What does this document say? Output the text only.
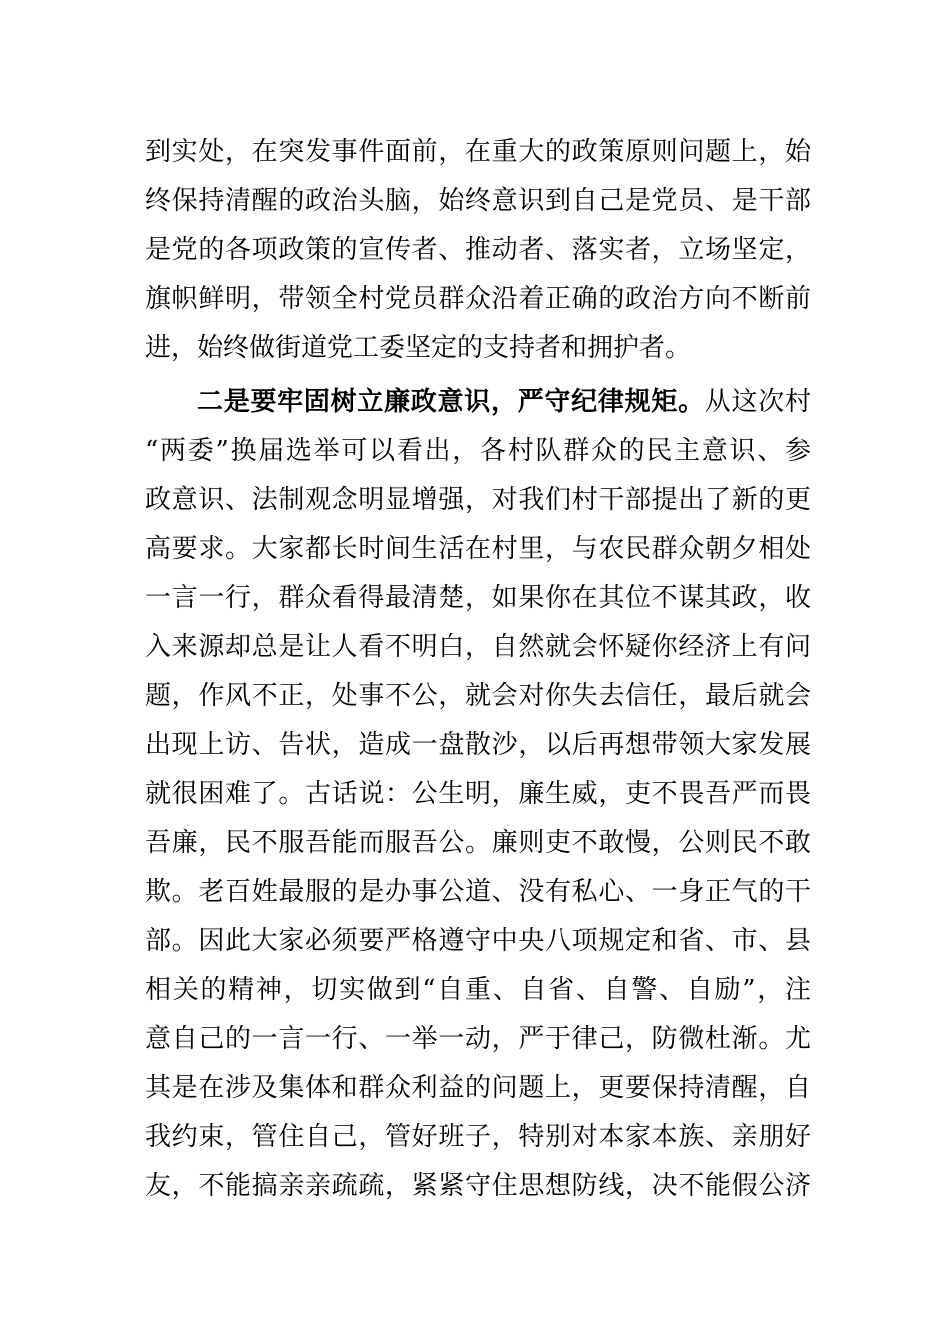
到实处，在突发事件面前，在重大的政策原则问题上，始
终保持清醒的政治头脑，始终意识到自己是党员、是干部
是党的各项政策的宣传者、推动者、落实者，立场坚定，
旗帜鲜明，带领全村党员群众沿着正确的政治方向不断前
进，始终做街道党工委坚定的支持者和拥护者。
二是要牢固树立廉政意识，严守纪律规矩。从这次村
“两委”换届选举可以看出，各村队群众的民主意识、参
政意识、法制观念明显增强，对我们村干部提出了新的更
高要求。大家都长时间生活在村里，与农民群众朝夕相处
一言一行，群众看得最清楚，如果你在其位不谋其政，收
入来源却总是让人看不明白，自然就会怀疑你经济上有问
题，作风不正，处事不公，就会对你失去信任，最后就会
出现上访、告状，造成一盘散沙，以后再想带领大家发展
就很困难了。古话说：公生明，廉生威，吏不畏吾严而畏
吾廉，民不服吾能而服吾公。廉则吏不敢慢，公则民不敢
欺。老百姓最服的是办事公道、没有私心、一身正气的干
部。因此大家必须要严格遵守中央八项规定和省、市、县
相关的精神，切实做到“自重、自省、自警、自励”，注
意自己的一言一行、一举一动，严于律己，防微杜渐。尤
其是在涉及集体和群众利益的问题上，更要保持清醒，自
我约束，管住自己，管好班子，特别对本家本族、亲朋好
友，不能搞亲亲疏疏，紧紧守住思想防线，决不能假公济
